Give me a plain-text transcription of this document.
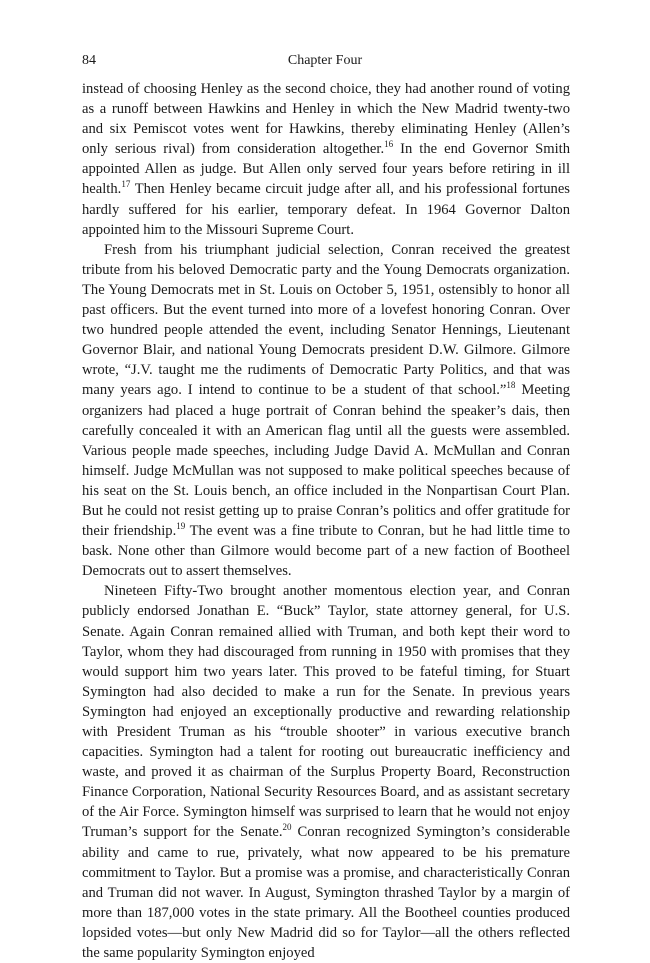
84	Chapter Four

instead of choosing Henley as the second choice, they had another round of voting as a runoff between Hawkins and Henley in which the New Madrid twenty-two and six Pemiscot votes went for Hawkins, thereby eliminating Henley (Allen’s only serious rival) from consideration altogether.$^{16}$ In the end Governor Smith appointed Allen as judge. But Allen only served four years before retiring in ill health.$^{17}$ Then Henley became circuit judge after all, and his professional fortunes hardly suffered for his earlier, temporary defeat. In 1964 Governor Dalton appointed him to the Missouri Supreme Court.

Fresh from his triumphant judicial selection, Conran received the greatest tribute from his beloved Democratic party and the Young Democrats organization. The Young Democrats met in St. Louis on October 5, 1951, ostensibly to honor all past officers. But the event turned into more of a lovefest honoring Conran. Over two hundred people attended the event, including Senator Hennings, Lieutenant Governor Blair, and national Young Democrats president D.W. Gilmore. Gilmore wrote, “J.V. taught me the rudiments of Democratic Party Politics, and that was many years ago. I intend to continue to be a student of that school.”$^{18}$ Meeting organizers had placed a huge portrait of Conran behind the speaker’s dais, then carefully concealed it with an American flag until all the guests were assembled. Various people made speeches, including Judge David A. McMullan and Conran himself. Judge McMullan was not supposed to make political speeches because of his seat on the St. Louis bench, an office included in the Nonpartisan Court Plan. But he could not resist getting up to praise Conran’s politics and offer gratitude for their friendship.$^{19}$ The event was a fine tribute to Conran, but he had little time to bask. None other than Gilmore would become part of a new faction of Bootheel Democrats out to assert themselves.

Nineteen Fifty-Two brought another momentous election year, and Conran publicly endorsed Jonathan E. “Buck” Taylor, state attorney general, for U.S. Senate. Again Conran remained allied with Truman, and both kept their word to Taylor, whom they had discouraged from running in 1950 with promises that they would support him two years later. This proved to be fateful timing, for Stuart Symington had also decided to make a run for the Senate. In previous years Symington had enjoyed an exceptionally productive and rewarding relationship with President Truman as his “trouble shooter” in various executive branch capacities. Symington had a talent for rooting out bureaucratic inefficiency and waste, and proved it as chairman of the Surplus Property Board, Reconstruction Finance Corporation, National Security Resources Board, and as assistant secretary of the Air Force. Symington himself was surprised to learn that he would not enjoy Truman’s support for the Senate.$^{20}$ Conran recognized Symington’s considerable ability and came to rue, privately, what now appeared to be his premature commitment to Taylor. But a promise was a promise, and characteristically Conran and Truman did not waver. In August, Symington thrashed Taylor by a margin of more than 187,000 votes in the state primary. All the Bootheel counties produced lopsided votes—but only New Madrid did so for Taylor—all the others reflected the same popularity Symington enjoyed
